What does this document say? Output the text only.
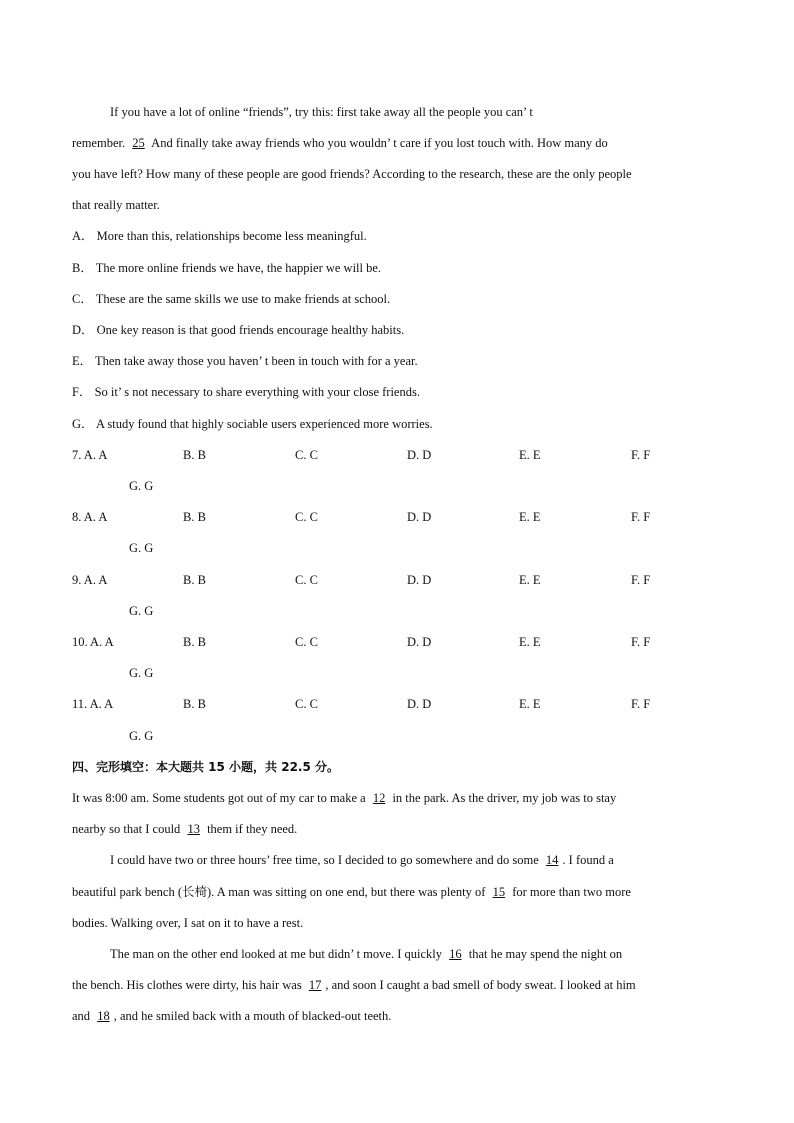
If you have a lot of online “friends”, try this: first take away all the people you can’ t
remember. 25 And finally take away friends who you wouldn’ t care if you lost touch with. How many do
you have left? How many of these people are good friends? According to the research, these are the only people
that really matter.
A． More than this, relationships become less meaningful.
B． The more online friends we have, the happier we will be.
C． These are the same skills we use to make friends at school.
D． One key reason is that good friends encourage healthy habits.
E． Then take away those you haven’ t been in touch with for a year.
F． So it’ s not necessary to share everything with your close friends.
G． A study found that highly sociable users experienced more worries.
7. A. A	B. B	C. C	D. D	E. E	F. F
G. G
8. A. A	B. B	C. C	D. D	E. E	F. F
G. G
9. A. A	B. B	C. C	D. D	E. E	F. F
G. G
10. A. A	B. B	C. C	D. D	E. E	F. F
G. G
11. A. A	B. B	C. C	D. D	E. E	F. F
G. G
四、完形填空：本大题共 15 小题，共 22.5 分。
It was 8:00 am. Some students got out of my car to make a 12 in the park. As the driver, my job was to stay
nearby so that I could 13 them if they need.
I could have two or three hours’ free time, so I decided to go somewhere and do some 14 . I found a
beautiful park bench (长椅). A man was sitting on one end, but there was plenty of 15 for more than two more
bodies. Walking over, I sat on it to have a rest.
The man on the other end looked at me but didn’ t move. I quickly 16 that he may spend the night on
the bench. His clothes were dirty, his hair was 17 , and soon I caught a bad smell of body sweat. I looked at him
and 18 , and he smiled back with a mouth of blacked-out teeth.
